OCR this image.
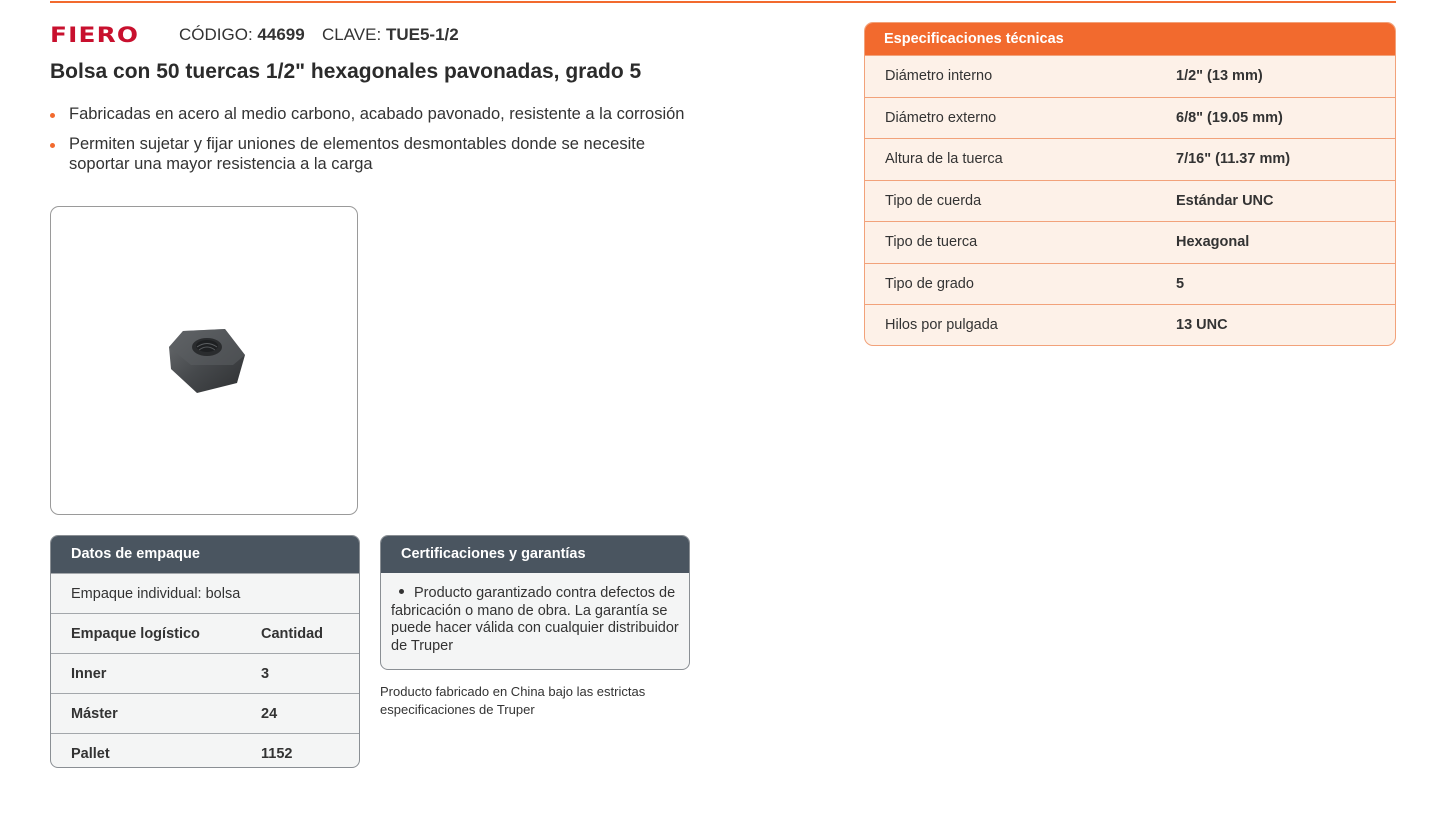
FIERO CÓDIGO: 44699 CLAVE: TUE5-1/2
Bolsa con 50 tuercas 1/2" hexagonales pavonadas, grado 5
Fabricadas en acero al medio carbono, acabado pavonado, resistente a la corrosión
Permiten sujetar y fijar uniones de elementos desmontables donde se necesite soportar una mayor resistencia a la carga
Datos de empaque
Empaque individual: bolsa
Empaque logístico	Cantidad
Inner	3
Máster	24
Pallet	1152
Certificaciones y garantías
Producto garantizado contra defectos de fabricación o mano de obra. La garantía se puede hacer válida con cualquier distribuidor de Truper
Producto fabricado en China bajo las estrictas especificaciones de Truper
Especificaciones técnicas
Diámetro interno	1/2" (13 mm)
Diámetro externo	6/8" (19.05 mm)
Altura de la tuerca	7/16" (11.37 mm)
Tipo de cuerda	Estándar UNC
Tipo de tuerca	Hexagonal
Tipo de grado	5
Hilos por pulgada	13 UNC
